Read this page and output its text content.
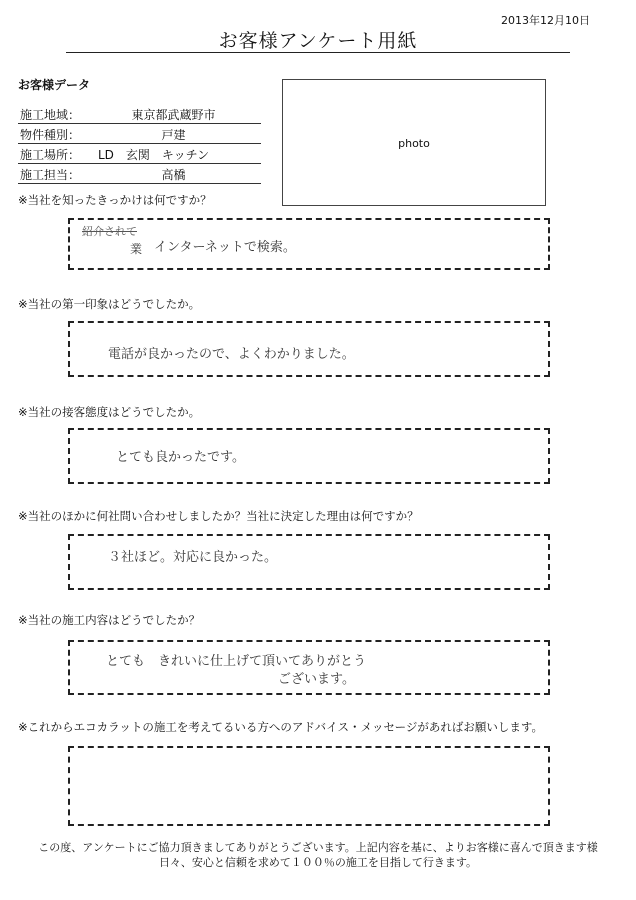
2013年12月10日
お客様アンケート用紙
お客様データ
施工地域：	東京都武蔵野市
物件種別：	戸建
施工場所：	LD　玄関　キッチン
施工担当：	高橋
photo
※当社を知ったきっかけは何ですか？
紹介されて
業 インターネットで検索。
※当社の第一印象はどうでしたか。
電話が良かったので、よくわかりました。
※当社の接客態度はどうでしたか。
とても良かったです。
※当社のほかに何社問い合わせしましたか？当社に決定した理由は何ですか？
３社ほど。対応に良かった。
※当社の施工内容はどうでしたか？
とても　きれいに仕上げて頂いてありがとう
ございます。
※これからエコカラットの施工を考えてるいる方へのアドバイス・メッセージがあればお願いします。
この度、アンケートにご協力頂きましてありがとうございます。上記内容を基に、よりお客様に喜んで頂きます様
日々、安心と信頼を求めて１００％の施工を目指して行きます。
